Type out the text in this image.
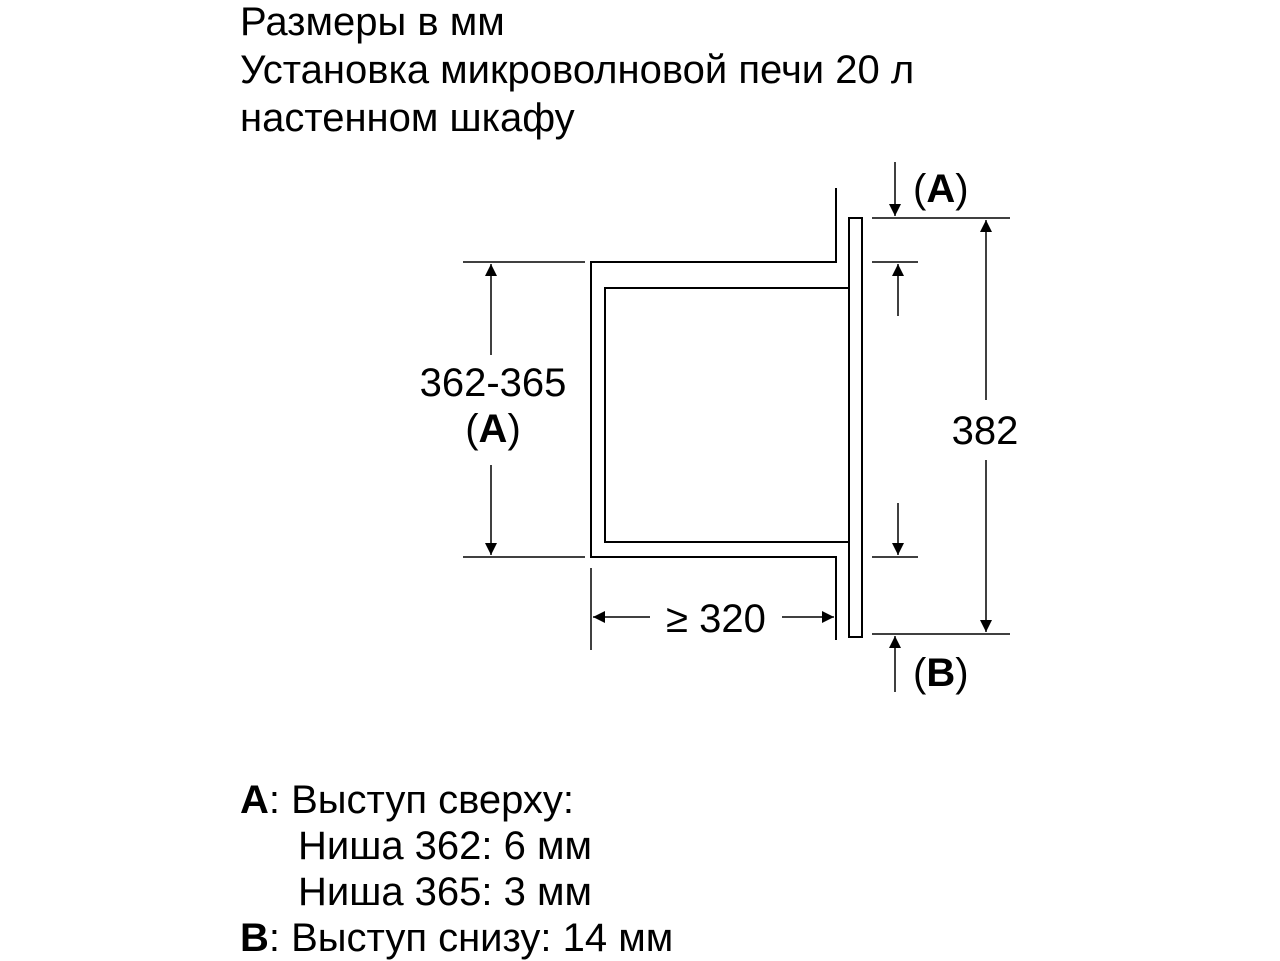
Размеры в мм
Установка микроволновой печи 20 л
настенном шкафу
362-365
(A)	382
≥ 320
(A)
(B)
A: Выступ сверху:
Ниша 362: 6 мм
Ниша 365: 3 мм
B: Выступ снизу: 14 мм
